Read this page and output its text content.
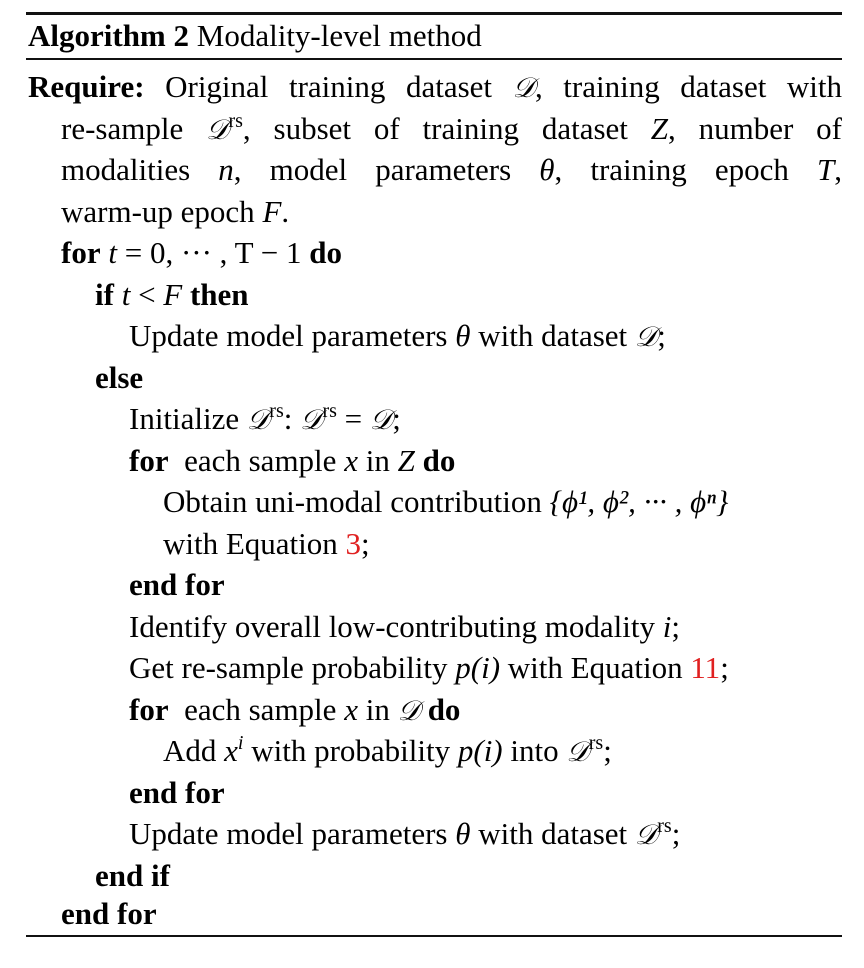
Algorithm 2 Modality-level method
Require: Original training dataset 𝒟, training dataset with
re-sample 𝒟$^{rs}$, subset of training dataset Z, number of
modalities n, model parameters θ, training epoch T,
warm-up epoch F.
for t = 0, ··· , T − 1 do
if t < F then
Update model parameters θ with dataset 𝒟;
else
Initialize 𝒟$^{rs}$: 𝒟$^{rs}$ = 𝒟;
for each sample x in Z do
Obtain uni-modal contribution {ϕ¹, ϕ², ··· , ϕⁿ}
with Equation 3;
end for
Identify overall low-contributing modality i;
Get re-sample probability p(i) with Equation 11;
for each sample x in 𝒟 do
Add $x^i$ with probability p(i) into 𝒟$^{rs}$;
end for
Update model parameters θ with dataset 𝒟$^{rs}$;
end if
end for
